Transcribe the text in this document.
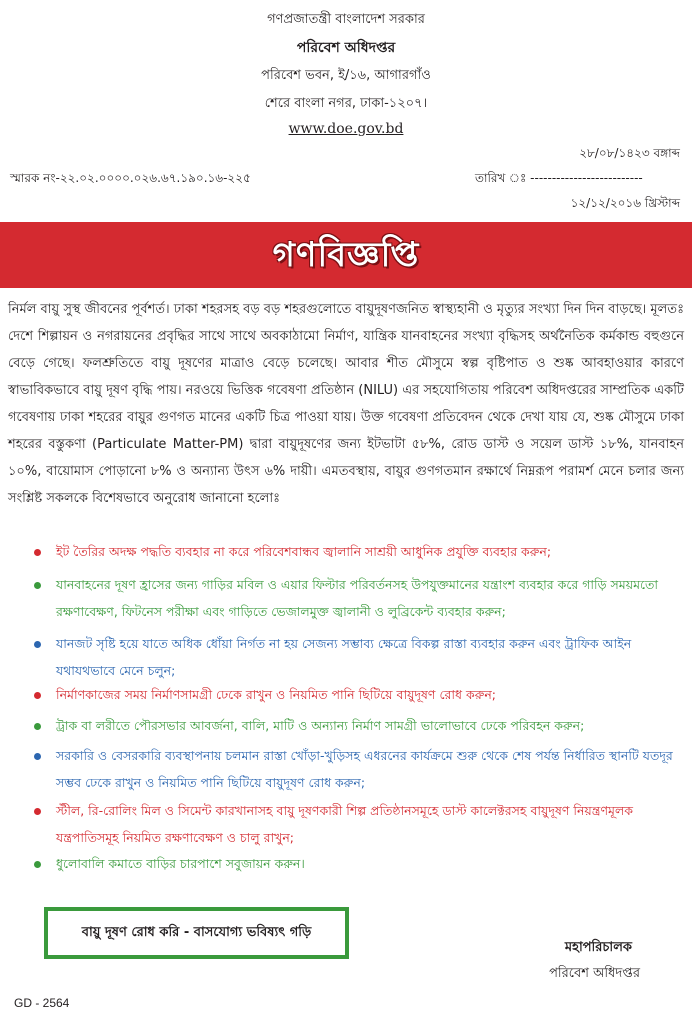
গণপ্রজাতন্ত্রী বাংলাদেশ সরকার
পরিবেশ অধিদপ্তর
পরিবেশ ভবন, ই/১৬, আগারগাঁও
শেরে বাংলা নগর, ঢাকা-১২০৭।
www.doe.gov.bd
২৮/০৮/১৪২৩ বঙ্গাব্দ
স্মারক নং-২২.০২.০০০০.০২৬.৬৭.১৯০.১৬-২২৫	তারিখ ঃ --------------------------
১২/১২/২০১৬ খ্রিস্টাব্দ
গণবিজ্ঞপ্তি
নির্মল বায়ু সুস্থ জীবনের পূর্বশর্ত। ঢাকা শহরসহ বড় বড় শহরগুলোতে বায়ুদূষণজনিত স্বাস্থ্যহানী ও মৃত্যুর সংখ্যা দিন দিন বাড়ছে। মূলতঃ দেশে শিল্পায়ন ও নগরায়নের প্রবৃদ্ধির সাথে সাথে অবকাঠামো নির্মাণ, যান্ত্রিক যানবাহনের সংখ্যা বৃদ্ধিসহ অর্থনৈতিক কর্মকান্ড বহুগুনে বেড়ে গেছে। ফলশ্রুতিতে বায়ু দূষণের মাত্রাও বেড়ে চলেছে। আবার শীত মৌসুমে স্বল্প বৃষ্টিপাত ও শুষ্ক আবহাওয়ার কারণে স্বাভাবিকভাবে বায়ু দূষণ বৃদ্ধি পায়। নরওয়ে ভিত্তিক গবেষণা প্রতিষ্ঠান (NILU) এর সহযোগিতায় পরিবেশ অধিদপ্তরের সাম্প্রতিক একটি গবেষণায় ঢাকা শহরের বায়ুর গুণগত মানের একটি চিত্র পাওয়া যায়। উক্ত গবেষণা প্রতিবেদন থেকে দেখা যায় যে, শুষ্ক মৌসুমে ঢাকা শহরের বস্তুকণা (Particulate Matter-PM) দ্বারা বায়ুদূষণের জন্য ইটভাটা ৫৮%, রোড ডাস্ট ও সয়েল ডাস্ট ১৮%, যানবাহন ১০%, বায়োমাস পোড়ানো ৮% ও অন্যান্য উৎস ৬% দায়ী। এমতবস্থায়, বায়ুর গুণগতমান রক্ষার্থে নিম্নরূপ পরামর্শ মেনে চলার জন্য সংশ্লিষ্ট সকলকে বিশেষভাবে অনুরোধ জানানো হলোঃ
ইট তৈরির অদক্ষ পদ্ধতি ব্যবহার না করে পরিবেশবান্ধব জ্বালানি সাশ্রয়ী আধুনিক প্রযুক্তি ব্যবহার করুন;
যানবাহনের দূষণ হ্রাসের জন্য গাড়ির মবিল ও এয়ার ফিল্টার পরিবর্তনসহ উপযুক্তমানের যন্ত্রাংশ ব্যবহার করে গাড়ি সময়মতো রক্ষণাবেক্ষণ, ফিটনেস পরীক্ষা এবং গাড়িতে ভেজালমুক্ত জ্বালানী ও লুব্রিকেন্ট ব্যবহার করুন;
যানজট সৃষ্টি হয়ে যাতে অধিক ধোঁয়া নির্গত না হয় সেজন্য সম্ভাব্য ক্ষেত্রে বিকল্প রাস্তা ব্যবহার করুন এবং ট্রাফিক আইন যথাযথভাবে মেনে চলুন;
নির্মাণকাজের সময় নির্মাণসামগ্রী ঢেকে রাখুন ও নিয়মিত পানি ছিটিয়ে বায়ুদূষণ রোধ করুন;
ট্রাক বা লরীতে পৌরসভার আবর্জনা, বালি, মাটি ও অন্যান্য নির্মাণ সামগ্রী ভালোভাবে ঢেকে পরিবহন করুন;
সরকারি ও বেসরকারি ব্যবস্থাপনায় চলমান রাস্তা খোঁড়া-খুড়িসহ এধরনের কার্যক্রমে শুরু থেকে শেষ পর্যন্ত নির্ধারিত স্থানটি যতদূর সম্ভব ঢেকে রাখুন ও নিয়মিত পানি ছিটিয়ে বায়ুদূষণ রোধ করুন;
স্টীল, রি-রোলিং মিল ও সিমেন্ট কারখানাসহ বায়ু দূষণকারী শিল্প প্রতিষ্ঠানসমূহে ডাস্ট কালেক্টরসহ বায়ুদূষণ নিয়ন্ত্রণমূলক যন্ত্রপাতিসমূহ নিয়মিত রক্ষণাবেক্ষণ ও চালু রাখুন;
ধুলোবালি কমাতে বাড়ির চারপাশে সবুজায়ন করুন।
বায়ু দূষণ রোধ করি - বাসযোগ্য ভবিষ্যৎ গড়ি
মহাপরিচালক
পরিবেশ অধিদপ্তর
GD - 2564
